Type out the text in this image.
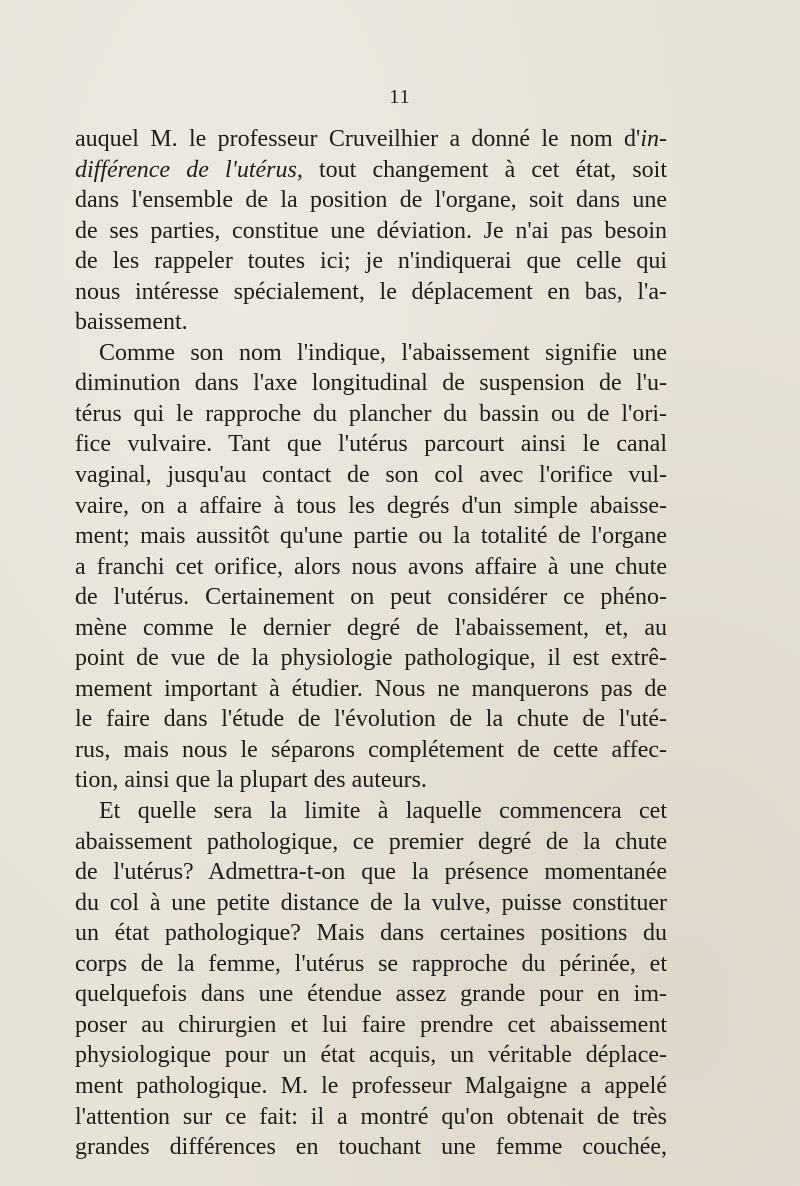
11
auquel M. le professeur Cruveilhier a donné le nom d'in-
différence de l'utérus, tout changement à cet état, soit
dans l'ensemble de la position de l'organe, soit dans une
de ses parties, constitue une déviation. Je n'ai pas besoin
de les rappeler toutes ici; je n'indiquerai que celle qui
nous intéresse spécialement, le déplacement en bas, l'a-
baissement.
Comme son nom l'indique, l'abaissement signifie une
diminution dans l'axe longitudinal de suspension de l'u-
térus qui le rapproche du plancher du bassin ou de l'ori-
fice vulvaire. Tant que l'utérus parcourt ainsi le canal
vaginal, jusqu'au contact de son col avec l'orifice vul-
vaire, on a affaire à tous les degrés d'un simple abaisse-
ment; mais aussitôt qu'une partie ou la totalité de l'organe
a franchi cet orifice, alors nous avons affaire à une chute
de l'utérus. Certainement on peut considérer ce phéno-
mène comme le dernier degré de l'abaissement, et, au
point de vue de la physiologie pathologique, il est extrê-
mement important à étudier. Nous ne manquerons pas de
le faire dans l'étude de l'évolution de la chute de l'uté-
rus, mais nous le séparons complétement de cette affec-
tion, ainsi que la plupart des auteurs.
Et quelle sera la limite à laquelle commencera cet
abaissement pathologique, ce premier degré de la chute
de l'utérus? Admettra-t-on que la présence momentanée
du col à une petite distance de la vulve, puisse constituer
un état pathologique? Mais dans certaines positions du
corps de la femme, l'utérus se rapproche du périnée, et
quelquefois dans une étendue assez grande pour en im-
poser au chirurgien et lui faire prendre cet abaissement
physiologique pour un état acquis, un véritable déplace-
ment pathologique. M. le professeur Malgaigne a appelé
l'attention sur ce fait: il a montré qu'on obtenait de très
grandes différences en touchant une femme couchée,
